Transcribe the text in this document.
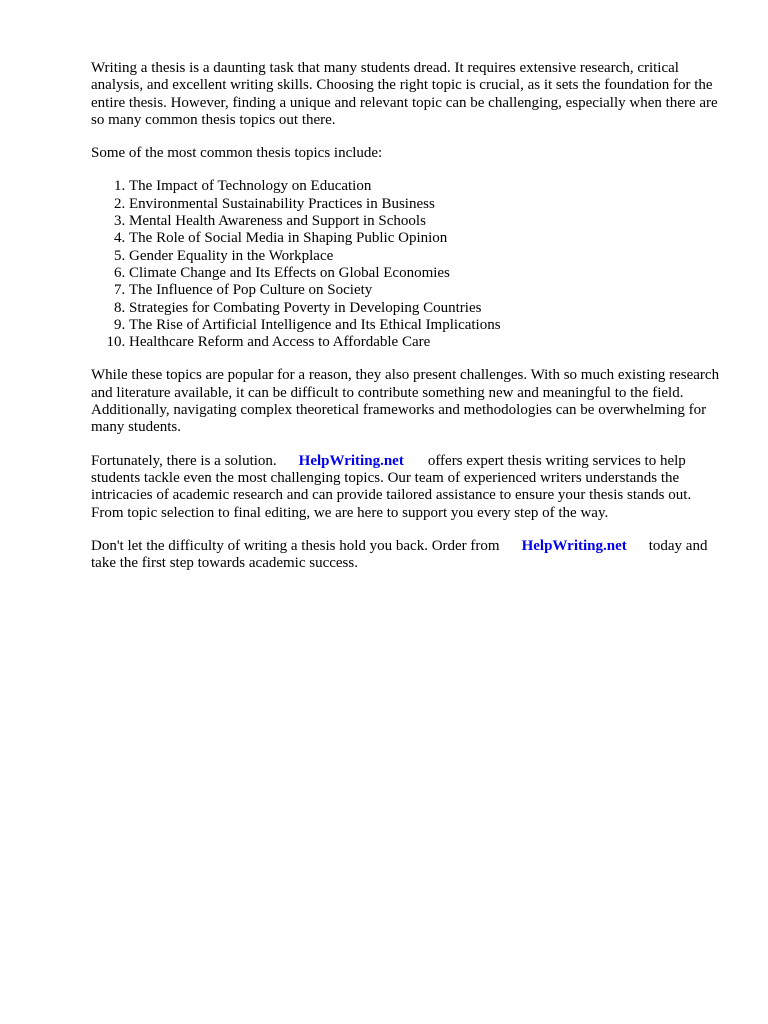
Writing a thesis is a daunting task that many students dread. It requires extensive research, critical analysis, and excellent writing skills. Choosing the right topic is crucial, as it sets the foundation for the entire thesis. However, finding a unique and relevant topic can be challenging, especially when there are so many common thesis topics out there.

Some of the most common thesis topics include:

1. The Impact of Technology on Education
2. Environmental Sustainability Practices in Business
3. Mental Health Awareness and Support in Schools
4. The Role of Social Media in Shaping Public Opinion
5. Gender Equality in the Workplace
6. Climate Change and Its Effects on Global Economies
7. The Influence of Pop Culture on Society
8. Strategies for Combating Poverty in Developing Countries
9. The Rise of Artificial Intelligence and Its Ethical Implications
10. Healthcare Reform and Access to Affordable Care

While these topics are popular for a reason, they also present challenges. With so much existing research and literature available, it can be difficult to contribute something new and meaningful to the field. Additionally, navigating complex theoretical frameworks and methodologies can be overwhelming for many students.

Fortunately, there is a solution. HelpWriting.net offers expert thesis writing services to help students tackle even the most challenging topics. Our team of experienced writers understands the intricacies of academic research and can provide tailored assistance to ensure your thesis stands out. From topic selection to final editing, we are here to support you every step of the way.

Don't let the difficulty of writing a thesis hold you back. Order from HelpWriting.net today and take the first step towards academic success.
